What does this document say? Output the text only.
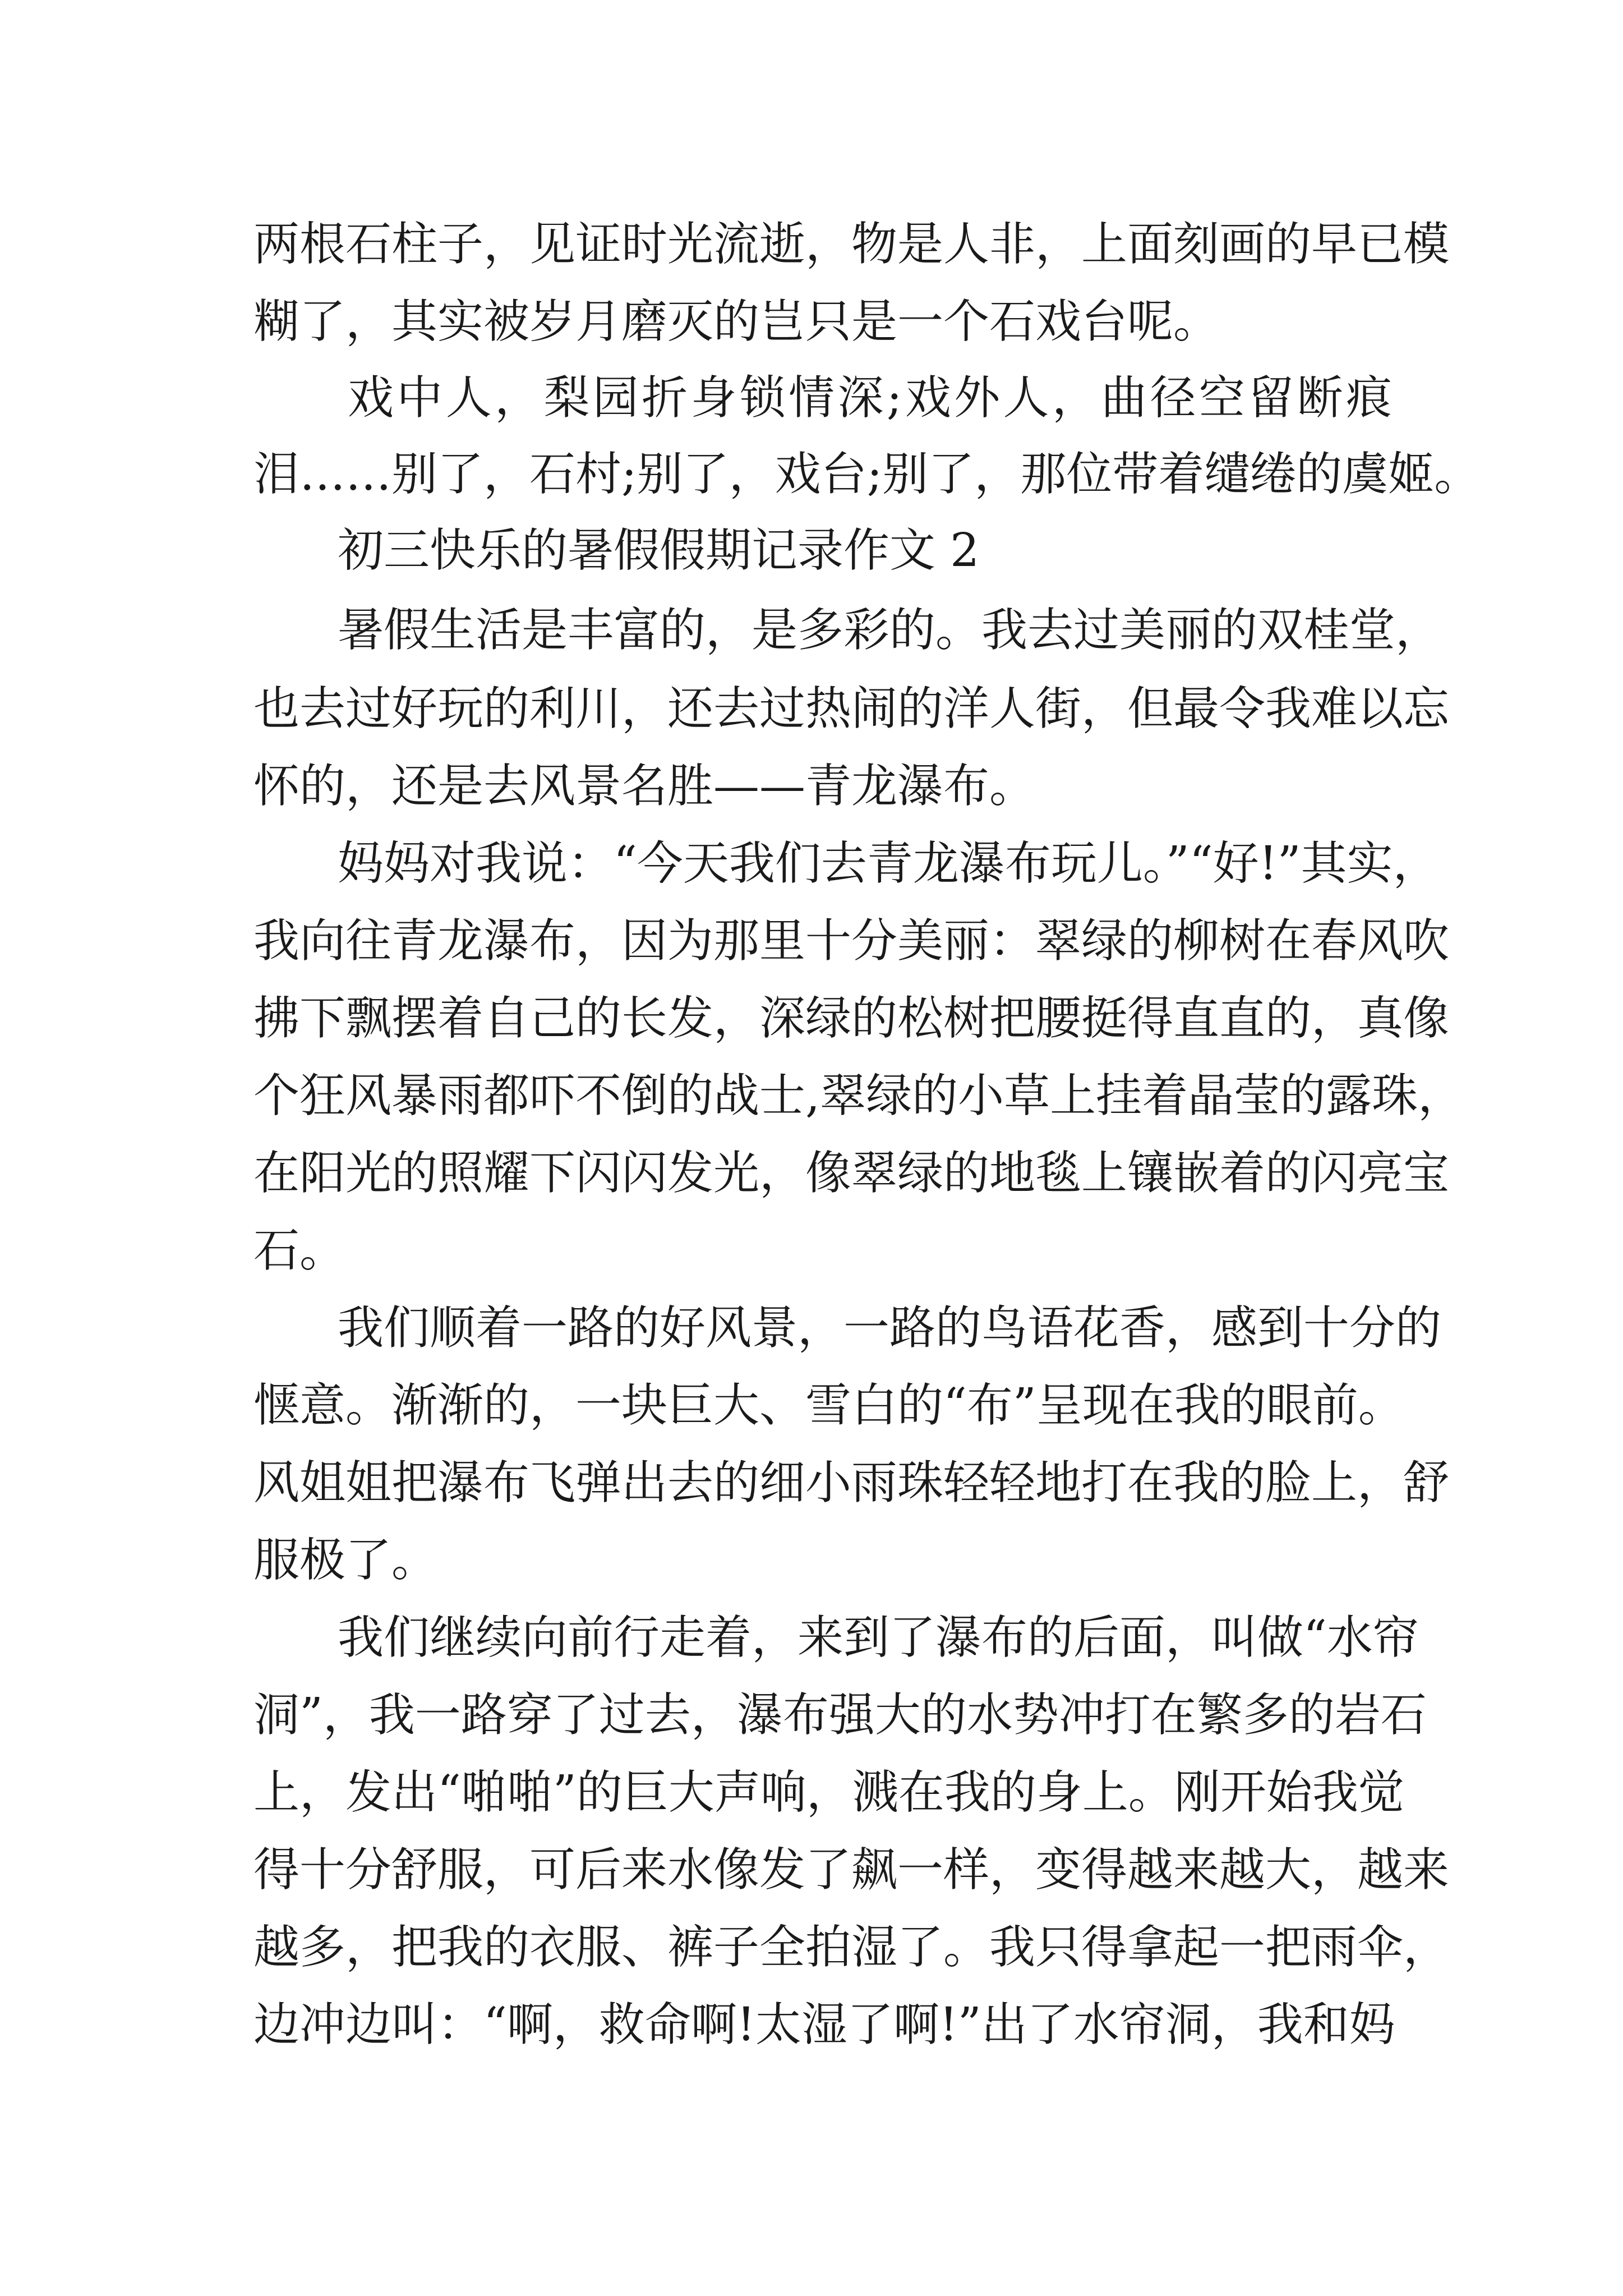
两根石柱子，见证时光流逝，物是人非，上面刻画的早已模
糊了，其实被岁月磨灭的岂只是一个石戏台呢。
戏中人，梨园折身锁情深;戏外人，曲径空留断痕
泪……别了，石村;别了，戏台;别了，那位带着缱绻的虞姬。
初三快乐的暑假假期记录作文 2
暑假生活是丰富的，是多彩的。我去过美丽的双桂堂，
也去过好玩的利川，还去过热闹的洋人街，但最令我难以忘
怀的，还是去风景名胜——青龙瀑布。
妈妈对我说：“今天我们去青龙瀑布玩儿。”“好!”其实，
我向往青龙瀑布，因为那里十分美丽：翠绿的柳树在春风吹
拂下飘摆着自己的长发，深绿的松树把腰挺得直直的，真像
个狂风暴雨都吓不倒的战士,翠绿的小草上挂着晶莹的露珠，
在阳光的照耀下闪闪发光，像翠绿的地毯上镶嵌着的闪亮宝
石。
我们顺着一路的好风景，一路的鸟语花香，感到十分的
惬意。渐渐的，一块巨大、雪白的“布”呈现在我的眼前。
风姐姐把瀑布飞弹出去的细小雨珠轻轻地打在我的脸上，舒
服极了。
我们继续向前行走着，来到了瀑布的后面，叫做“水帘
洞”，我一路穿了过去，瀑布强大的水势冲打在繁多的岩石
上，发出“啪啪”的巨大声响，溅在我的身上。刚开始我觉
得十分舒服，可后来水像发了飙一样，变得越来越大，越来
越多，把我的衣服、裤子全拍湿了。我只得拿起一把雨伞，
边冲边叫：“啊，救命啊!太湿了啊!”出了水帘洞，我和妈
